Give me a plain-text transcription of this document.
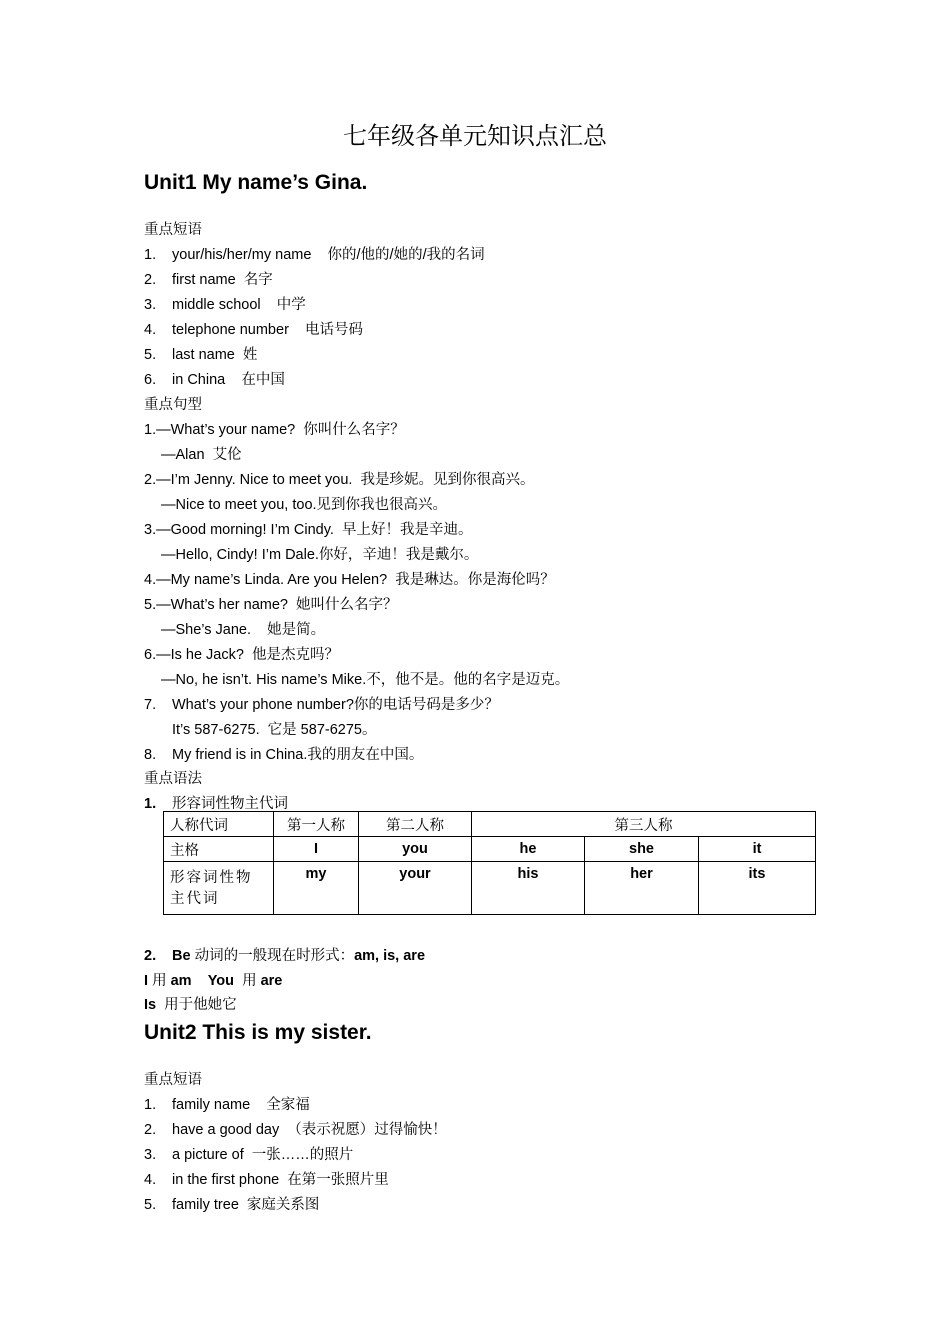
七年级各单元知识点汇总
Unit1 My name’s Gina.
重点短语
1. your/his/her/my name    你的/他的/她的/我的名词
2. first name  名字
3. middle school    中学
4. telephone number    电话号码
5. last name  姓
6. in China    在中国
重点句型
1.—What’s your name?  你叫什么名字？
—Alan  艾伦
2.—I’m Jenny. Nice to meet you.  我是珍妮。见到你很高兴。
—Nice to meet you, too.见到你我也很高兴。
3.—Good morning! I’m Cindy.  早上好！我是辛迪。
—Hello, Cindy! I’m Dale.你好，辛迪！我是戴尔。
4.—My name’s Linda. Are you Helen?  我是琳达。你是海伦吗？
5.—What’s her name?  她叫什么名字？
—She’s Jane.    她是简。
6.—Is he Jack?  他是杰克吗？
—No, he isn’t. His name’s Mike.不，他不是。他的名字是迈克。
7. What’s your phone number?你的电话号码是多少？
It’s 587-6275.  它是 587-6275。
8. My friend is in China.我的朋友在中国。
重点语法
1. 形容词性物主代词
人称代词	第一人称	第二人称	第三人称		
主格	I	you	he	she	it
形容词性物主代词	my	your	his	her	its
2. Be 动词的一般现在时形式：am, is, are
I 用 am You 用 are
Is 用于他她它
Unit2 This is my sister.
重点短语
1. family name    全家福
2. have a good day  （表示祝愿）过得愉快！
3. a picture of  一张……的照片
4. in the first phone  在第一张照片里
5. family tree  家庭关系图
